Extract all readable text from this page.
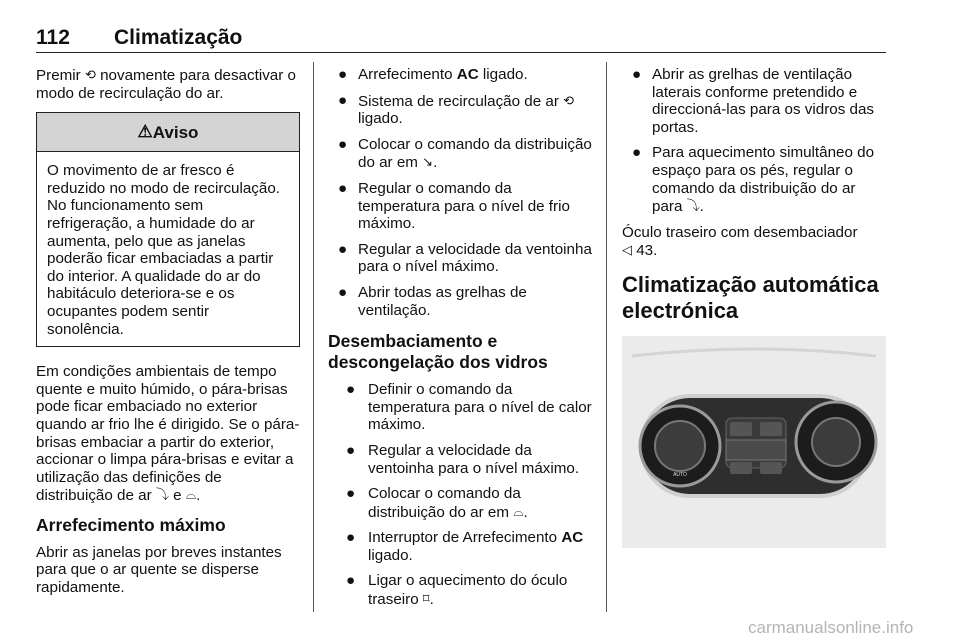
112 Climatização

Premir ⟲ novamente para desactivar o modo de recirculação do ar.

⚠Aviso
O movimento de ar fresco é reduzido no modo de recirculação. No funcionamento sem refrigeração, a humidade do ar aumenta, pelo que as janelas poderão ficar embaciadas a partir do interior. A qualidade do ar do habitáculo deteriora-se e os ocupantes podem sentir sonolência.

Em condições ambientais de tempo quente e muito húmido, o pára-brisas pode ficar embaciado no exterior quando ar frio lhe é dirigido. Se o pára-brisas embaciar a partir do exterior, accionar o limpa pára-brisas e evitar a utilização das definições de distribuição de ar ⤵ e ⌓.

Arrefecimento máximo

Abrir as janelas por breves instantes para que o ar quente se disperse rapidamente.

● Arrefecimento AC ligado.
● Sistema de recirculação de ar ⟲ ligado.
● Colocar o comando da distribuição do ar em ↘.
● Regular o comando da temperatura para o nível de frio máximo.
● Regular a velocidade da ventoinha para o nível máximo.
● Abrir todas as grelhas de ventilação.
Desembaciamento e descongelação dos vidros
● Definir o comando da temperatura para o nível de calor máximo.
● Regular a velocidade da ventoinha para o nível máximo.
● Colocar o comando da distribuição do ar em ⌓.
● Interruptor de Arrefecimento AC ligado.
● Ligar o aquecimento do óculo traseiro ⌑.
● Abrir as grelhas de ventilação laterais conforme pretendido e direccioná-las para os vidros das portas.
● Para aquecimento simultâneo do espaço para os pés, regular o comando da distribuição do ar para ⤵.

Óculo traseiro com desembaciador
◁ 43.

Climatização automática electrónica
AUTO
carmanualsonline.info
